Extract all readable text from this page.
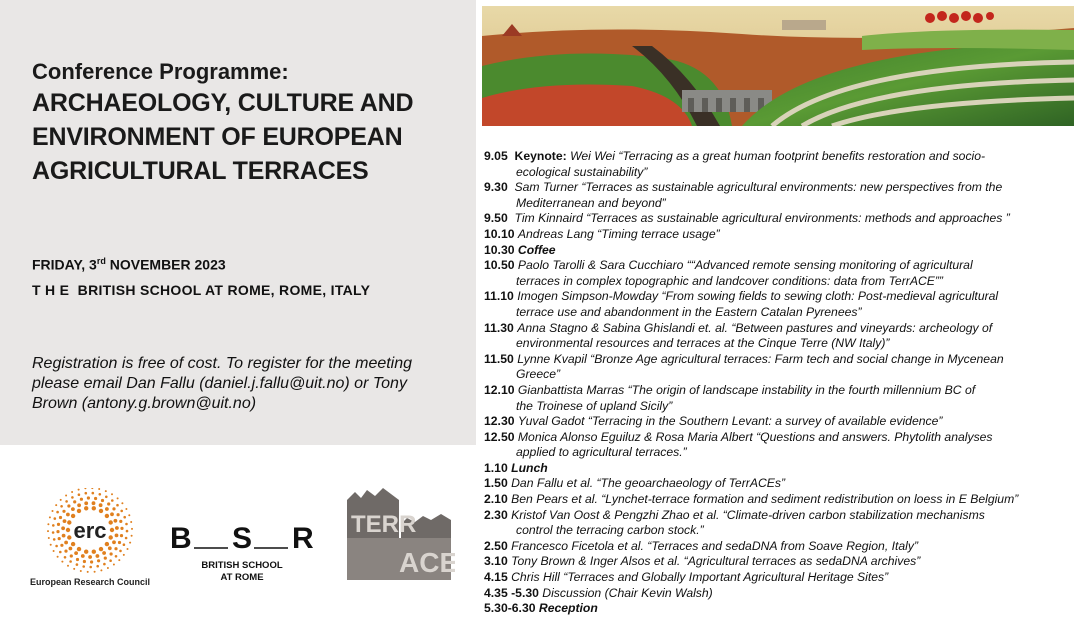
Conference Programme:
ARCHAEOLOGY, CULTURE AND
ENVIRONMENT OF EUROPEAN
AGRICULTURAL TERRACES
FRIDAY, 3rd NOVEMBER 2023
T H E  BRITISH SCHOOL AT ROME, ROME, ITALY
Registration is free of cost. To register for the meeting please email Dan Fallu (daniel.j.fallu@uit.no) or Tony Brown (antony.g.brown@uit.no)
erc
European Research Council
B S R
BRITISH SCHOOL
AT ROME
TERR
ACE
9.05 Keynote: Wei Wei “Terracing as a great human footprint benefits restoration and socio-
ecological sustainability”
9.30 Sam Turner “Terraces as sustainable agricultural environments: new perspectives from the
Mediterranean and beyond”
9.50 Tim Kinnaird “Terraces as sustainable agricultural environments: methods and approaches ”
10.10 Andreas Lang “Timing terrace usage”
10.30 Coffee
10.50 Paolo Tarolli & Sara Cucchiaro ““Advanced remote sensing monitoring of agricultural
terraces in complex topographic and landcover conditions: data from TerrACE””
11.10 Imogen Simpson-Mowday “From sowing fields to sewing cloth: Post-medieval agricultural
terrace use and abandonment in the Eastern Catalan Pyrenees”
11.30 Anna Stagno & Sabina Ghislandi et. al. “Between pastures and vineyards: archeology of
environmental resources and terraces at the Cinque Terre (NW Italy)”
11.50 Lynne Kvapil “Bronze Age agricultural terraces: Farm tech and social change in Mycenean
Greece”
12.10 Gianbattista Marras “The origin of landscape instability in the fourth millennium BC of
the Troinese of upland Sicily”
12.30 Yuval Gadot “Terracing in the Southern Levant: a survey of available evidence”
12.50 Monica Alonso Eguiluz & Rosa Maria Albert “Questions and answers. Phytolith analyses
applied to agricultural terraces.”
1.10 Lunch
1.50 Dan Fallu et al. “The geoarchaeology of TerrACEs”
2.10 Ben Pears et al. “Lynchet-terrace formation and sediment redistribution on loess in E Belgium”
2.30 Kristof Van Oost & Pengzhi Zhao et al. “Climate-driven carbon stabilization mechanisms
control the terracing carbon stock.”
2.50 Francesco Ficetola et al. “Terraces and sedaDNA from Soave Region, Italy”
3.10 Tony Brown & Inger Alsos et al. “Agricultural terraces as sedaDNA archives”
4.15 Chris Hill “Terraces and Globally Important Agricultural Heritage Sites”
4.35 -5.30 Discussion (Chair Kevin Walsh)
5.30-6.30 Reception
